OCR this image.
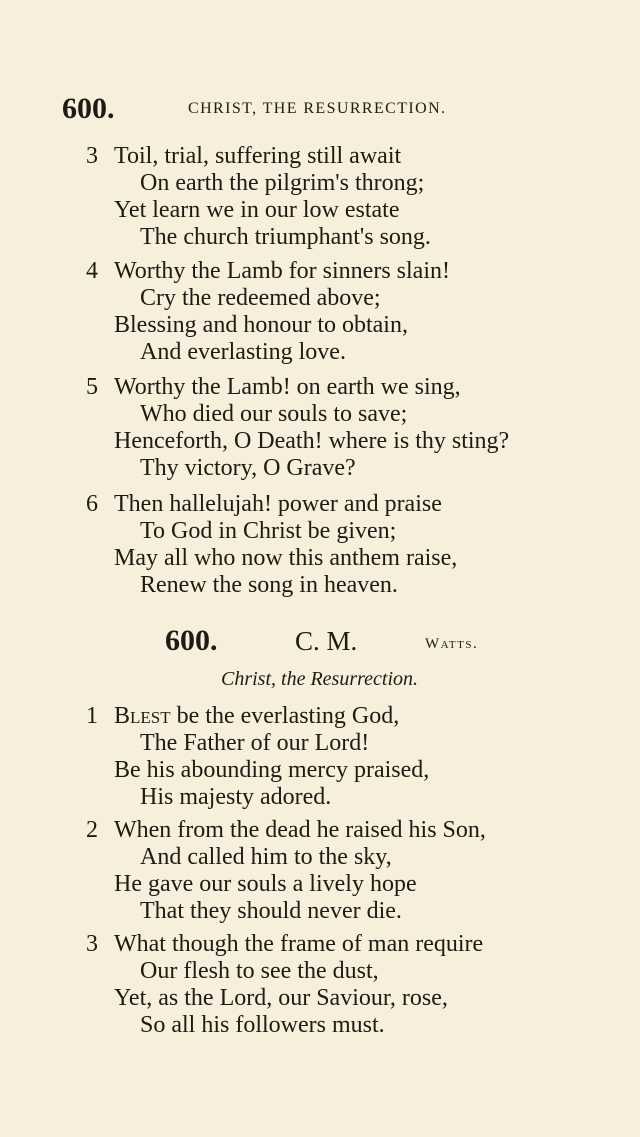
600.	CHRIST, THE RESURRECTION.
3 Toil, trial, suffering still await
On earth the pilgrim's throng;
Yet learn we in our low estate
The church triumphant's song.
4 Worthy the Lamb for sinners slain!
Cry the redeemed above;
Blessing and honour to obtain,
And everlasting love.
5 Worthy the Lamb! on earth we sing,
Who died our souls to save;
Henceforth, O Death! where is thy sting?
Thy victory, O Grave?
6 Then hallelujah! power and praise
To God in Christ be given;
May all who now this anthem raise,
Renew the song in heaven.
600.	C. M.	Watts.
Christ, the Resurrection.
1 Blest be the everlasting God,
The Father of our Lord!
Be his abounding mercy praised,
His majesty adored.
2 When from the dead he raised his Son,
And called him to the sky,
He gave our souls a lively hope
That they should never die.
3 What though the frame of man require
Our flesh to see the dust,
Yet, as the Lord, our Saviour, rose,
So all his followers must.
